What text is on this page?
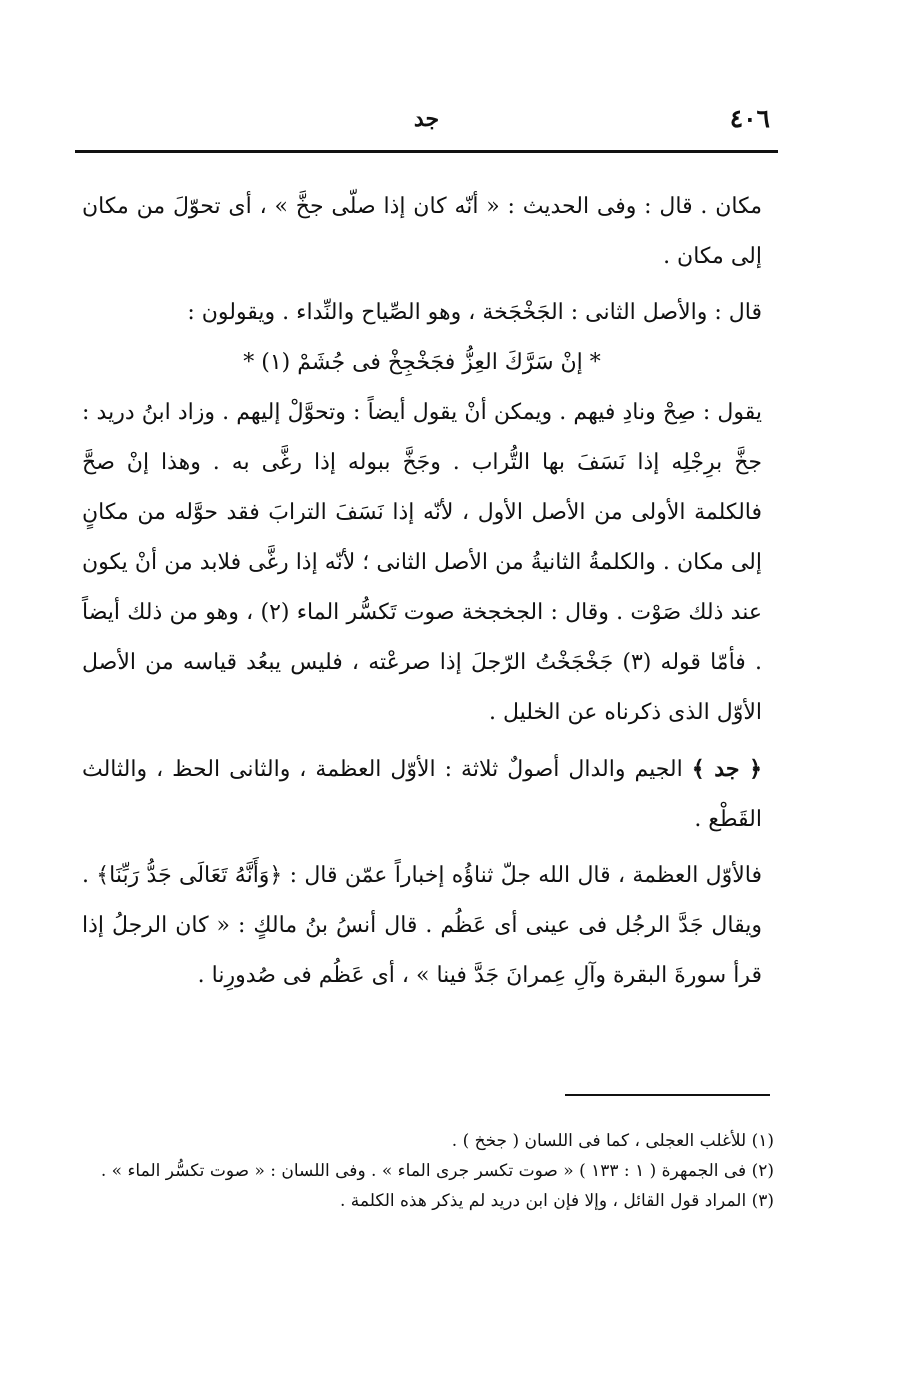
٤٠٦
جد

مكان . قال : وفى الحديث : « أنّه كان إذا صلّى جخَّ » ، أى تحوّلَ من مكان إلى مكان .

قال : والأصل الثانى : الجَخْجَخة ، وهو الصِّياح والنِّداء . ويقولون :

* إنْ سَرَّكَ العِزُّ فجَخْجِخْ فى جُشَمْ (١) *

يقول : صِحْ ونادِ فيهم . ويمكن أنْ يقول أيضاً : وتحوَّلْ إليهم . وزاد ابنُ دريد : جخَّ برِجْلِه إذا نَسَفَ بها التُّراب . وجَخَّ ببوله إذا رغَّى به . وهذا إنْ صحَّ فالكلمة الأولى من الأصل الأول ، لأنّه إذا نَسَفَ الترابَ فقد حوَّله من مكانٍ إلى مكان . والكلمةُ الثانيةُ من الأصل الثانى ؛ لأنّه إذا رغَّى فلابد من أنْ يكون عند ذلك صَوْت . وقال : الجخجخة صوت تَكسُّر الماء (٢) ، وهو من ذلك أيضاً . فأمّا قوله (٣) جَخْجَخْتُ الرّجلَ إذا صرعْته ، فليس يبعُد قياسه من الأصل الأوّل الذى ذكرناه عن الخليل .

﴿ جد ﴾ الجيم والدال أصولٌ ثلاثة : الأوّل العظمة ، والثانى الحظ ، والثالث القَطْع .

فالأوّل العظمة ، قال الله جلّ ثناؤُه إخباراً عمّن قال : ﴿وَأَنَّهُ تَعَالَى جَدُّ رَبِّنَا﴾ . ويقال جَدَّ الرجُل فى عينى أى عَظُم . قال أنسُ بنُ مالكٍ : « كان الرجلُ إذا قرأ سورةَ البقرة وآلِ عِمرانَ جَدَّ فينا » ، أى عَظُم فى صُدورِنا .

(١) للأغلب العجلى ، كما فى اللسان ( جخخ ) .

(٢) فى الجمهرة ( ١ : ١٣٣ ) « صوت تكسر جرى الماء » . وفى اللسان : « صوت تكسُّر الماء » .

(٣) المراد قول القائل ، وإلا فإن ابن دريد لم يذكر هذه الكلمة .
